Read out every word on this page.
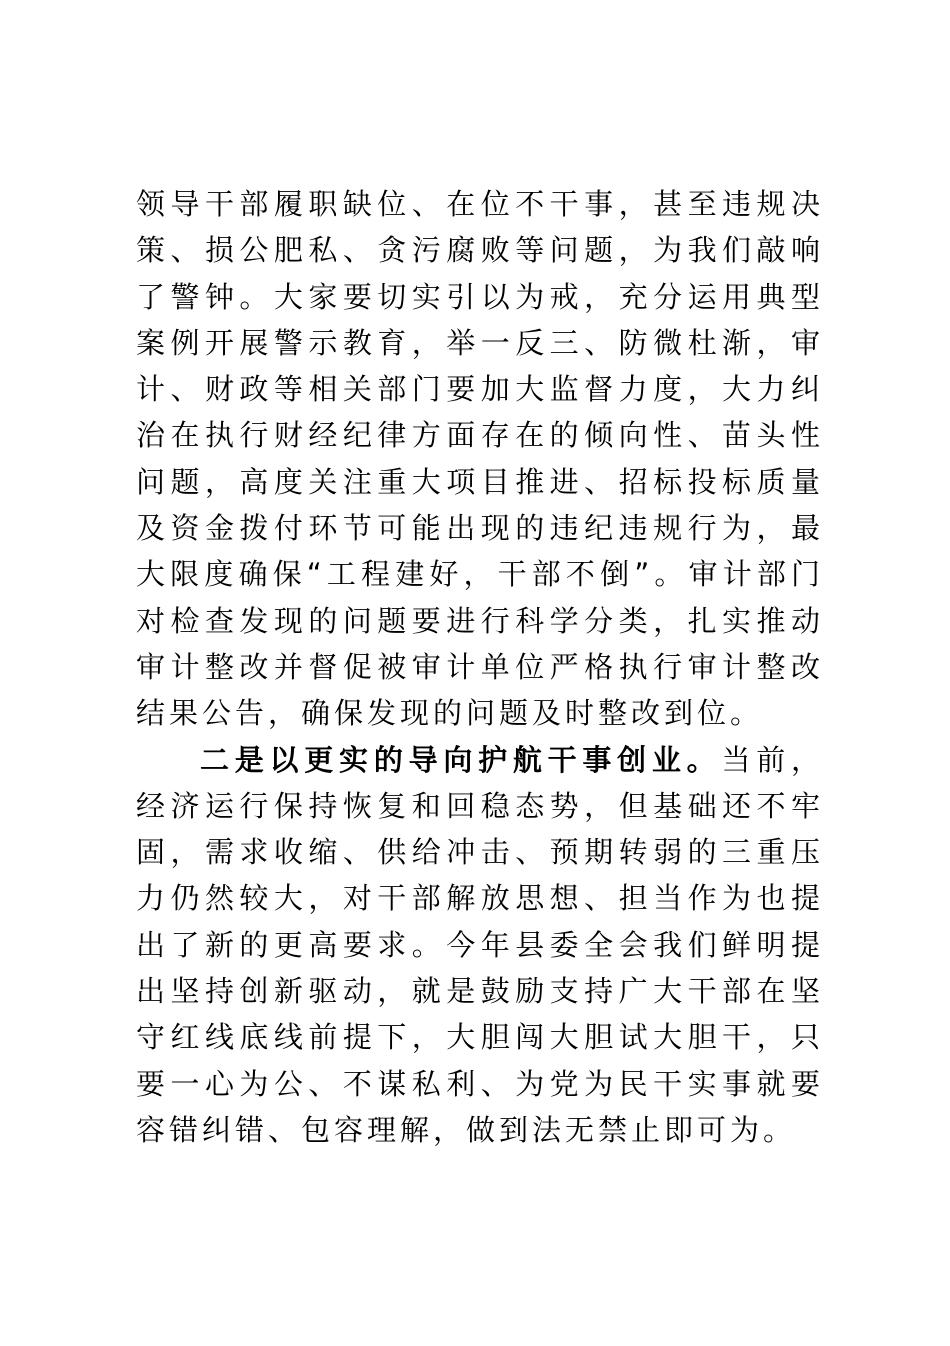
领导干部履职缺位、在位不干事，甚至违规决
策、损公肥私、贪污腐败等问题，为我们敲响
了警钟。大家要切实引以为戒，充分运用典型
案例开展警示教育，举一反三、防微杜渐，审
计、财政等相关部门要加大监督力度，大力纠
治在执行财经纪律方面存在的倾向性、苗头性
问题，高度关注重大项目推进、招标投标质量
及资金拨付环节可能出现的违纪违规行为，最
大限度确保“工程建好，干部不倒”。审计部门
对检查发现的问题要进行科学分类，扎实推动
审计整改并督促被审计单位严格执行审计整改
结果公告，确保发现的问题及时整改到位。
二是以更实的导向护航干事创业。当前，
经济运行保持恢复和回稳态势，但基础还不牢
固，需求收缩、供给冲击、预期转弱的三重压
力仍然较大，对干部解放思想、担当作为也提
出了新的更高要求。今年县委全会我们鲜明提
出坚持创新驱动，就是鼓励支持广大干部在坚
守红线底线前提下，大胆闯大胆试大胆干，只
要一心为公、不谋私利、为党为民干实事就要
容错纠错、包容理解，做到法无禁止即可为。
